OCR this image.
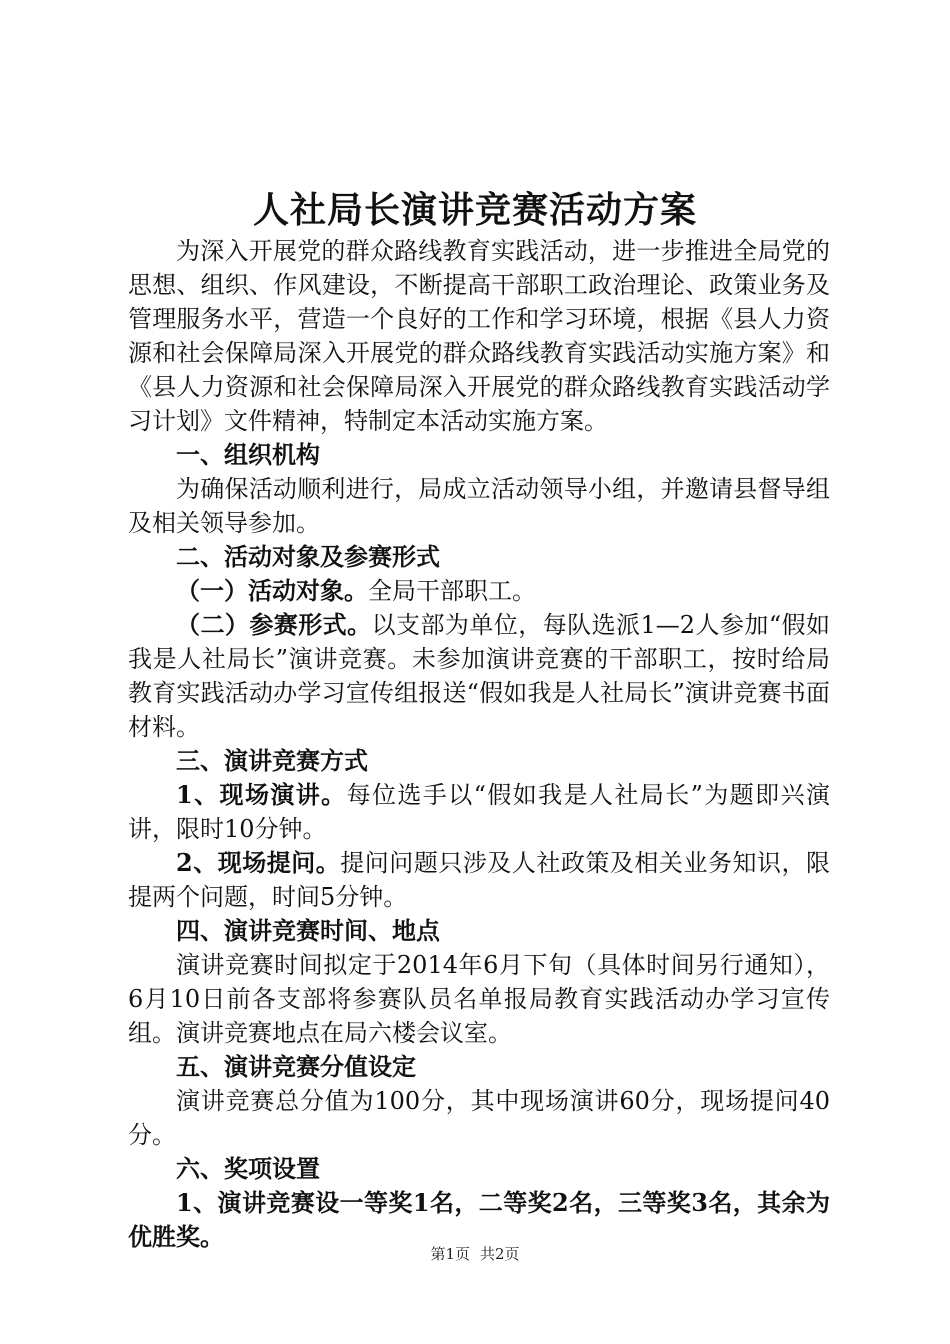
人社局长演讲竞赛活动方案

为深入开展党的群众路线教育实践活动，进一步推进全局党的思想、组织、作风建设，不断提高干部职工政治理论、政策业务及管理服务水平，营造一个良好的工作和学习环境，根据《县人力资源和社会保障局深入开展党的群众路线教育实践活动实施方案》和《县人力资源和社会保障局深入开展党的群众路线教育实践活动学习计划》文件精神，特制定本活动实施方案。

一、组织机构

为确保活动顺利进行，局成立活动领导小组，并邀请县督导组及相关领导参加。

二、活动对象及参赛形式

（一）活动对象。全局干部职工。

（二）参赛形式。以支部为单位，每队选派1—2人参加“假如我是人社局长”演讲竞赛。未参加演讲竞赛的干部职工，按时给局教育实践活动办学习宣传组报送“假如我是人社局长”演讲竞赛书面材料。

三、演讲竞赛方式

1、现场演讲。每位选手以“假如我是人社局长”为题即兴演讲，限时10分钟。

2、现场提问。提问问题只涉及人社政策及相关业务知识，限提两个问题，时间5分钟。

四、演讲竞赛时间、地点

演讲竞赛时间拟定于2014年6月下旬（具体时间另行通知），6月10日前各支部将参赛队员名单报局教育实践活动办学习宣传组。演讲竞赛地点在局六楼会议室。

五、演讲竞赛分值设定

演讲竞赛总分值为100分，其中现场演讲60分，现场提问40分。

六、奖项设置

1、演讲竞赛设一等奖1名，二等奖2名，三等奖3名，其余为优胜奖。

第1页 共2页
